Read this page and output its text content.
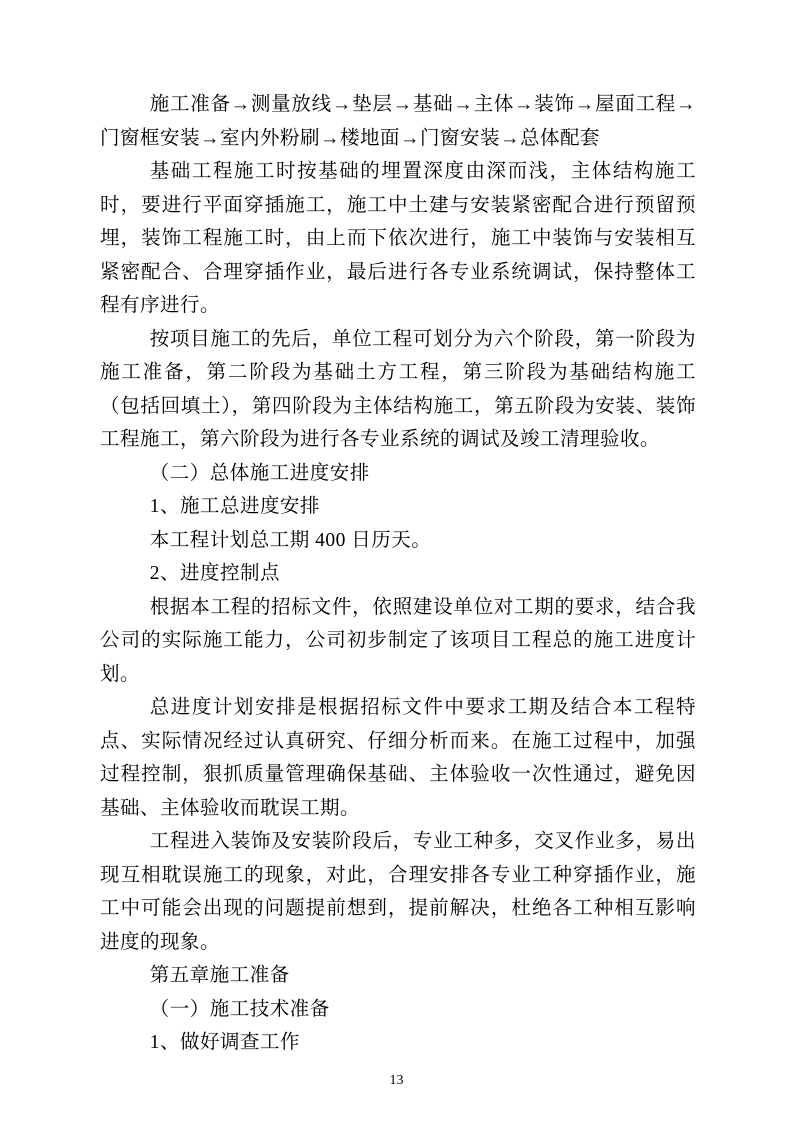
施工准备→测量放线→垫层→基础→主体→装饰→屋面工程→门窗框安装→室内外粉刷→楼地面→门窗安装→总体配套

基础工程施工时按基础的埋置深度由深而浅，主体结构施工时，要进行平面穿插施工，施工中土建与安装紧密配合进行预留预埋，装饰工程施工时，由上而下依次进行，施工中装饰与安装相互紧密配合、合理穿插作业，最后进行各专业系统调试，保持整体工程有序进行。

按项目施工的先后，单位工程可划分为六个阶段，第一阶段为施工准备，第二阶段为基础土方工程，第三阶段为基础结构施工（包括回填土），第四阶段为主体结构施工，第五阶段为安装、装饰工程施工，第六阶段为进行各专业系统的调试及竣工清理验收。

（二）总体施工进度安排

1、施工总进度安排

本工程计划总工期 400 日历天。

2、进度控制点

根据本工程的招标文件，依照建设单位对工期的要求，结合我公司的实际施工能力，公司初步制定了该项目工程总的施工进度计划。

总进度计划安排是根据招标文件中要求工期及结合本工程特点、实际情况经过认真研究、仔细分析而来。在施工过程中，加强过程控制，狠抓质量管理确保基础、主体验收一次性通过，避免因基础、主体验收而耽误工期。

工程进入装饰及安装阶段后，专业工种多，交叉作业多，易出现互相耽误施工的现象，对此，合理安排各专业工种穿插作业，施工中可能会出现的问题提前想到，提前解决，杜绝各工种相互影响进度的现象。

第五章施工准备

（一）施工技术准备

1、做好调查工作

13
